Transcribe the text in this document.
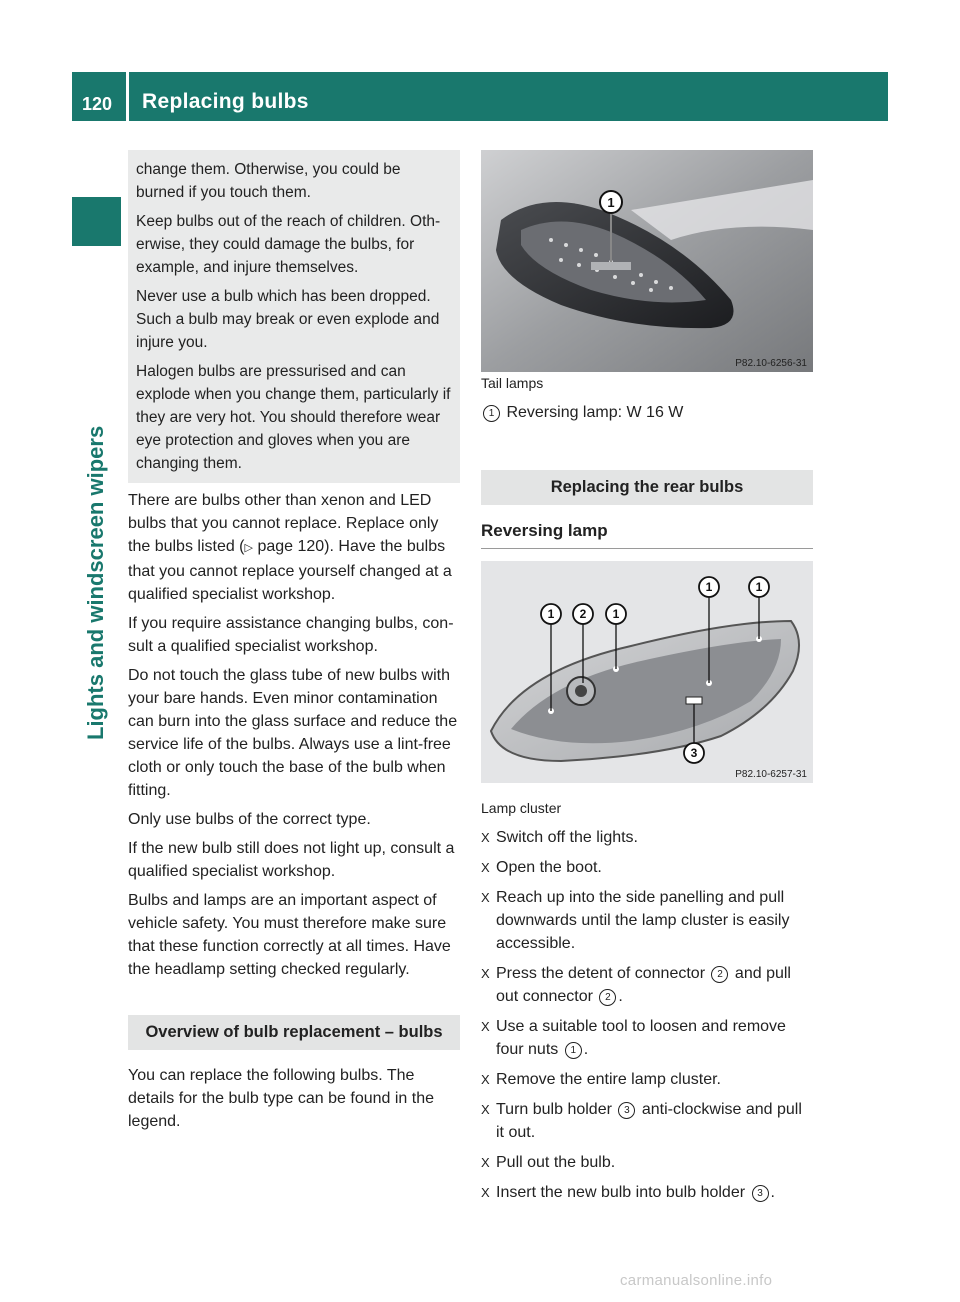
120 Replacing bulbs
Lights and windscreen wipers

change them. Otherwise, you could be burned if you touch them.

Keep bulbs out of the reach of children. Oth-erwise, they could damage the bulbs, for example, and injure themselves.

Never use a bulb which has been dropped. Such a bulb may break or even explode and injure you.

Halogen bulbs are pressurised and can explode when you change them, particularly if they are very hot. You should therefore wear eye protection and gloves when you are changing them.

There are bulbs other than xenon and LED bulbs that you cannot replace. Replace only the bulbs listed (▷ page 120). Have the bulbs that you cannot replace yourself changed at a qualified specialist workshop.

If you require assistance changing bulbs, con-sult a qualified specialist workshop.

Do not touch the glass tube of new bulbs with your bare hands. Even minor contamination can burn into the glass surface and reduce the service life of the bulbs. Always use a lint-free cloth or only touch the base of the bulb when fitting.

Only use bulbs of the correct type.

If the new bulb still does not light up, consult a qualified specialist workshop.

Bulbs and lamps are an important aspect of vehicle safety. You must therefore make sure that these function correctly at all times. Have the headlamp setting checked regularly.

Overview of bulb replacement – bulbs

You can replace the following bulbs. The details for the bulb type can be found in the legend.

1
P82.10-6256-31

Tail lamps

1 Reversing lamp: W 16 W

Replacing the rear bulbs
Reversing lamp
1 2 1
1	1
3
P82.10-6257-31

Lamp cluster

X Switch off the lights.
X Open the boot.
X Reach up into the side panelling and pull downwards until the lamp cluster is easily accessible.
X Press the detent of connector 2 and pull out connector 2 .
X Use a suitable tool to loosen and remove four nuts 1 .
X Remove the entire lamp cluster.
X Turn bulb holder 3 anti-clockwise and pull it out.
X Pull out the bulb.
X Insert the new bulb into bulb holder 3 .
carmanualsonline.info
